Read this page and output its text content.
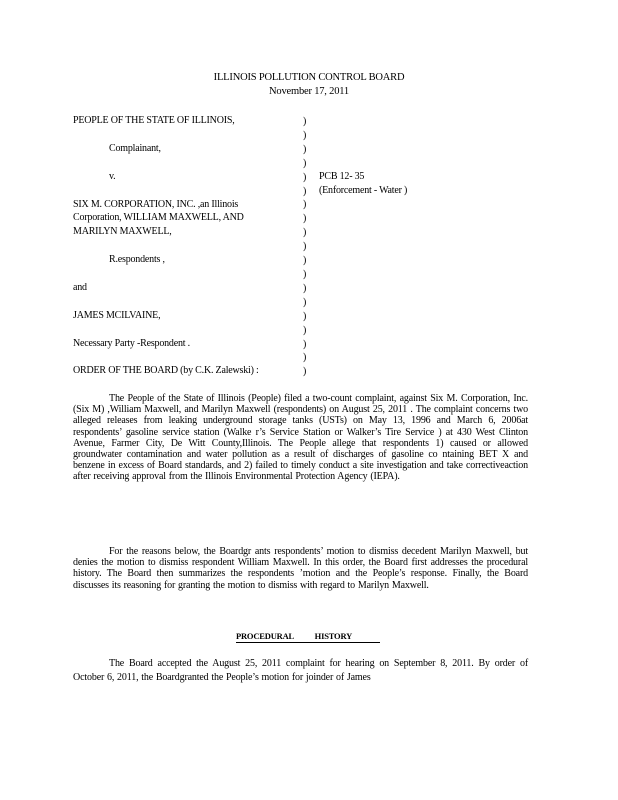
ILLINOIS POLLUTION CONTROL BOARD
November 17, 2011
PEOPLE OF THE STATE OF ILLINOIS,
Complainant,
v.
SIX M. CORPORATION, INC. ,an Illinois
Corporation, WILLIAM MAXWELL, AND
MARILYN MAXWELL,
R.espondents ,
and
JAMES MCILVAINE,
Necessary Party -Respondent .
)
)
)
)
)
)
)
)
)
)
)
)
)
)
)
)
)
)
)
PCB 12- 35
(Enforcement - Water )
ORDER OF THE BOARD (by C.K. Zalewski) :

The People of the State of Illinois (People) filed a two-count complaint, against Six M. Corporation, Inc. (Six M) ,William Maxwell, and Marilyn Maxwell (respondents) on August 25, 2011 . The complaint concerns two alleged releases from leaking underground storage tanks (USTs) on May 13, 1996 and March 6, 2006at respondents’ gasoline service station (Walke r’s Service Station or Walker’s Tire Service ) at 430 West Clinton Avenue, Farmer City, De Witt County,Illinois. The People allege that respondents 1) caused or allowed groundwater contamination and water pollution as a result of discharges of gasoline co ntaining BET X and benzene in excess of Board standards, and 2) failed to timely conduct a site investigation and take correctiveaction after receiving approval from the Illinois Environmental Protection Agency (IEPA).

For the reasons below, the Boardgr ants respondents’ motion to dismiss decedent Marilyn Maxwell, but denies the motion to dismiss respondent William Maxwell. In this order, the Board first addresses the procedural history. The Board then summarizes the respondents ’motion and the People’s response. Finally, the Board discusses its reasoning for granting the motion to dismiss with regard to Marilyn Maxwell.

PROCEDURAL           HISTORY

The Board accepted the August 25, 2011 complaint for hearing on September 8, 2011. By order of October 6, 2011, the Boardgranted the People’s motion for joinder of James
